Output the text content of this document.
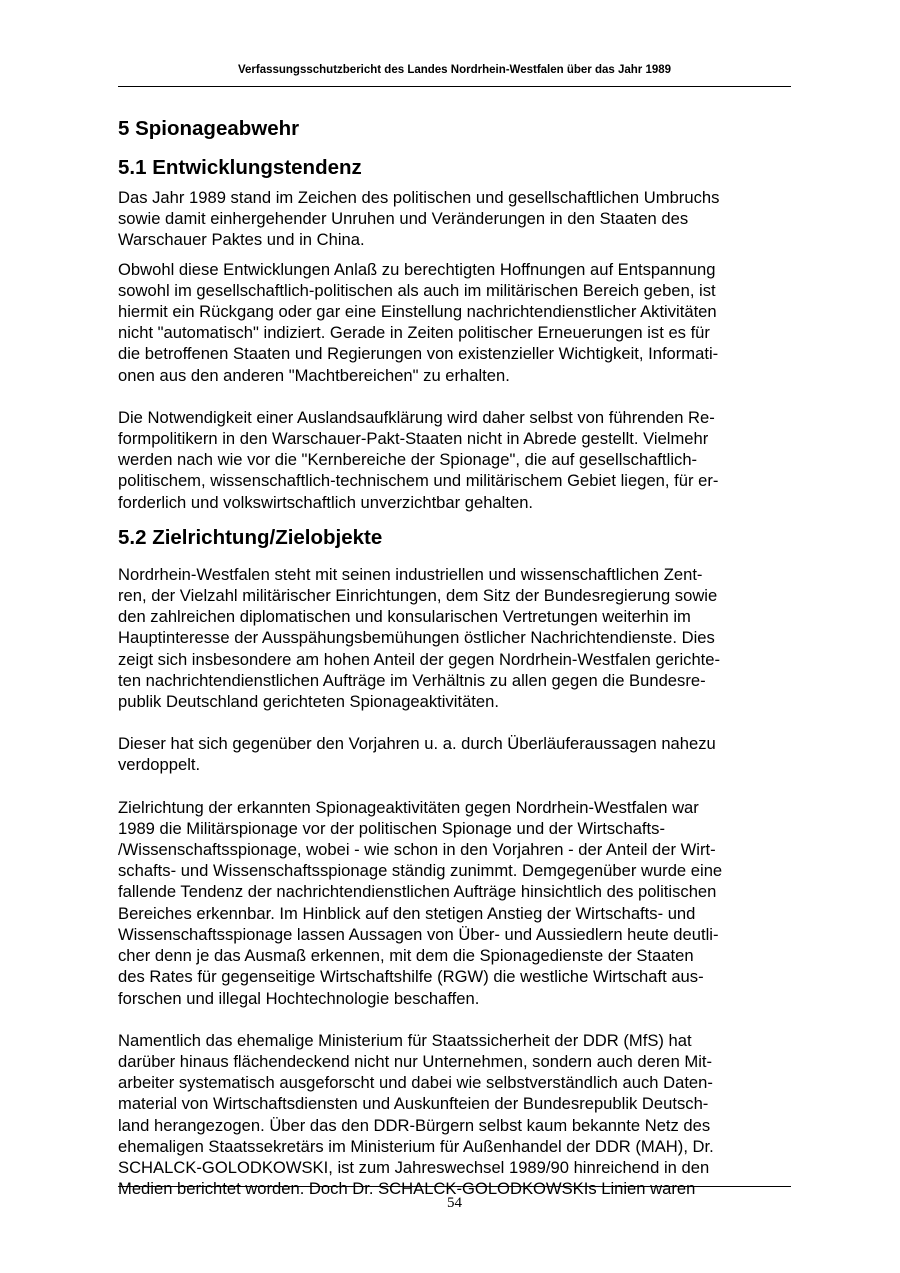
Verfassungsschutzbericht des Landes Nordrhein-Westfalen über das Jahr 1989
5 Spionageabwehr
5.1 Entwicklungstendenz

Das Jahr 1989 stand im Zeichen des politischen und gesellschaftlichen Umbruchs
sowie damit einhergehender Unruhen und Veränderungen in den Staaten des
Warschauer Paktes und in China.

Obwohl diese Entwicklungen Anlaß zu berechtigten Hoffnungen auf Entspannung
sowohl im gesellschaftlich-politischen als auch im militärischen Bereich geben, ist
hiermit ein Rückgang oder gar eine Einstellung nachrichtendienstlicher Aktivitäten
nicht "automatisch" indiziert. Gerade in Zeiten politischer Erneuerungen ist es für
die betroffenen Staaten und Regierungen von existenzieller Wichtigkeit, Informati-
onen aus den anderen "Machtbereichen" zu erhalten.

Die Notwendigkeit einer Auslandsaufklärung wird daher selbst von führenden Re-
formpolitikern in den Warschauer-Pakt-Staaten nicht in Abrede gestellt. Vielmehr
werden nach wie vor die "Kernbereiche der Spionage", die auf gesellschaftlich-
politischem, wissenschaftlich-technischem und militärischem Gebiet liegen, für er-
forderlich und volkswirtschaftlich unverzichtbar gehalten.

5.2 Zielrichtung/Zielobjekte

Nordrhein-Westfalen steht mit seinen industriellen und wissenschaftlichen Zent-
ren, der Vielzahl militärischer Einrichtungen, dem Sitz der Bundesregierung sowie
den zahlreichen diplomatischen und konsularischen Vertretungen weiterhin im
Hauptinteresse der Ausspähungsbemühungen östlicher Nachrichtendienste. Dies
zeigt sich insbesondere am hohen Anteil der gegen Nordrhein-Westfalen gerichte-
ten nachrichtendienstlichen Aufträge im Verhältnis zu allen gegen die Bundesre-
publik Deutschland gerichteten Spionageaktivitäten.

Dieser hat sich gegenüber den Vorjahren u. a. durch Überläuferaussagen nahezu
verdoppelt.

Zielrichtung der erkannten Spionageaktivitäten gegen Nordrhein-Westfalen war
1989 die Militärspionage vor der politischen Spionage und der Wirtschafts-
/Wissenschaftsspionage, wobei - wie schon in den Vorjahren - der Anteil der Wirt-
schafts- und Wissenschaftsspionage ständig zunimmt. Demgegenüber wurde eine
fallende Tendenz der nachrichtendienstlichen Aufträge hinsichtlich des politischen
Bereiches erkennbar. Im Hinblick auf den stetigen Anstieg der Wirtschafts- und
Wissenschaftsspionage lassen Aussagen von Über- und Aussiedlern heute deutli-
cher denn je das Ausmaß erkennen, mit dem die Spionagedienste der Staaten
des Rates für gegenseitige Wirtschaftshilfe (RGW) die westliche Wirtschaft aus-
forschen und illegal Hochtechnologie beschaffen.

Namentlich das ehemalige Ministerium für Staatssicherheit der DDR (MfS) hat
darüber hinaus flächendeckend nicht nur Unternehmen, sondern auch deren Mit-
arbeiter systematisch ausgeforscht und dabei wie selbstverständlich auch Daten-
material von Wirtschaftsdiensten und Auskunfteien der Bundesrepublik Deutsch-
land herangezogen. Über das den DDR-Bürgern selbst kaum bekannte Netz des
ehemaligen Staatssekretärs im Ministerium für Außenhandel der DDR (MAH), Dr.
SCHALCK-GOLODKOWSKI, ist zum Jahreswechsel 1989/90 hinreichend in den
Medien berichtet worden. Doch Dr. SCHALCK-GOLODKOWSKIs Linien waren

54
